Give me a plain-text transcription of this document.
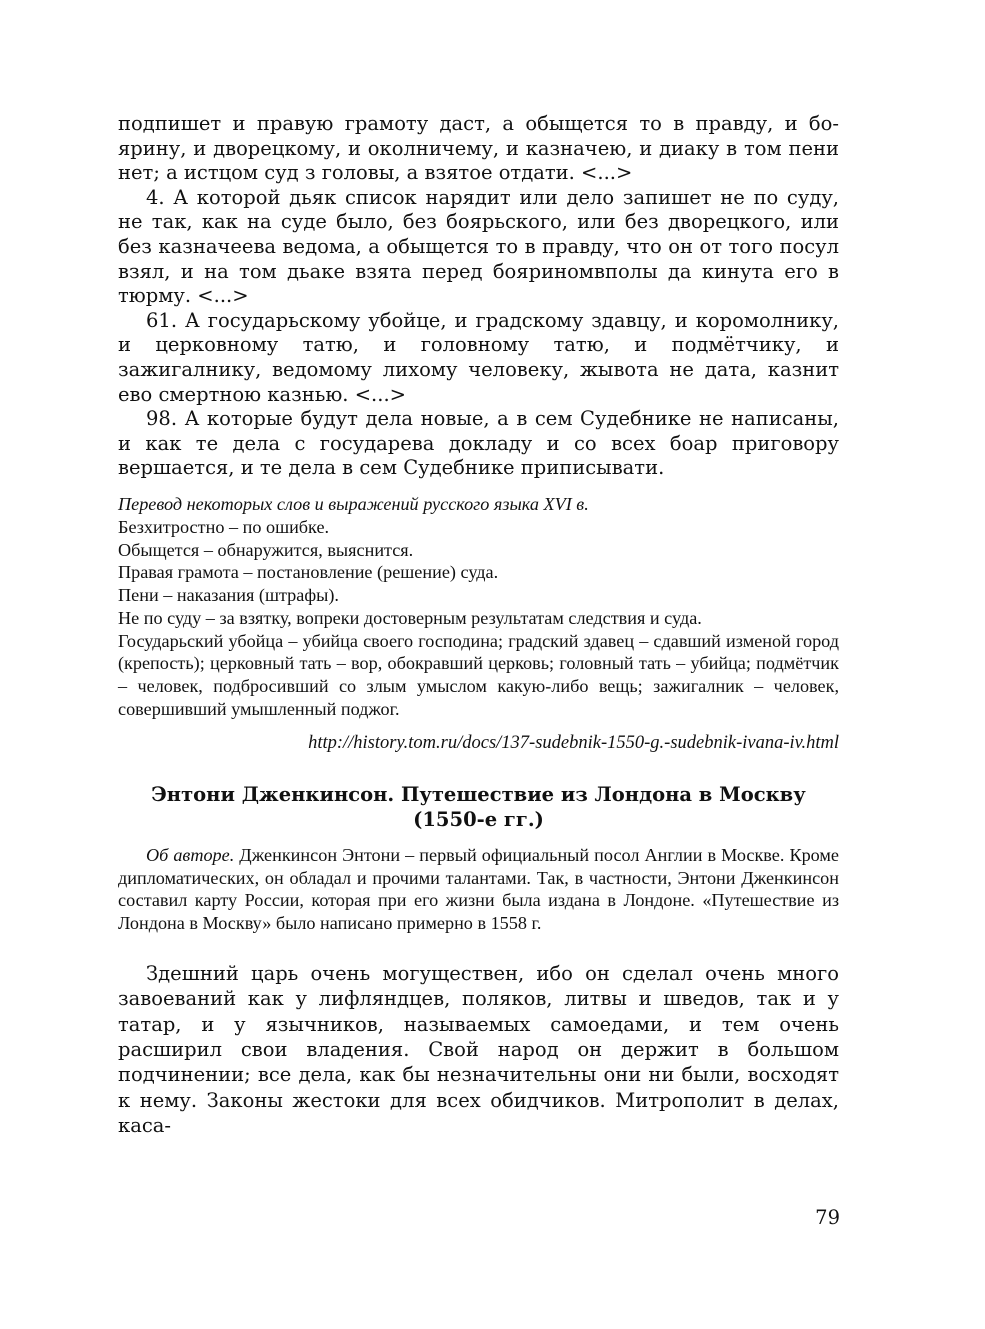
подпишет и правую грамоту даст, а обыщется то в правду, и боярину, и дворецкому, и околничему, и казначею, и диаку в том пени нет; а истцом суд з головы, а взятое отдати. <...>

4. А которой дьяк список нарядит или дело запишет не по суду, не так, как на суде было, без боярьского, или без дворецкого, или без казначеева ведома, а обыщется то в правду, что он от того посул взял, и на том дьаке взята перед бояриномвполы да кинута его в тюрму. <...>

61. А государьскому убойце, и градскому здавцу, и коромолнику, и церковному татю, и головному татю, и подмётчику, и зажигалнику, ведомому лихому человеку, жывота не дата, казнит ево смертною казнью. <...>

98. А которые будут дела новые, а в сем Судебнике не написаны, и как те дела с государева докладу и со всех боар приговору вершается, и те дела в сем Судебнике приписывати.

Перевод некоторых слов и выражений русского языка XVI в.

Безхитростно – по ошибке.

Обыщется – обнаружится, выяснится.

Правая грамота – постановление (решение) суда.

Пени – наказания (штрафы).

Не по суду – за взятку, вопреки достоверным результатам следствия и суда.

Государьский убойца – убийца своего господина; градский здавец – сдавший изменой город (крепость); церковный тать – вор, обокравший церковь; головный тать – убийца; подмётчик – человек, подбросивший со злым умыслом какую-либо вещь; зажигалник – человек, совершивший умышленный поджог.

http://history.tom.ru/docs/137-sudebnik-1550-g.-sudebnik-ivana-iv.html
Энтони Дженкинсон. Путешествие из Лондона в Москву
(1550-е гг.)

Об авторе. Дженкинсон Энтони – первый официальный посол Англии в Москве. Кроме дипломатических, он обладал и прочими талантами. Так, в частности, Энтони Дженкинсон составил карту России, которая при его жизни была издана в Лондоне. «Путешествие из Лондона в Москву» было написано примерно в 1558 г.

Здешний царь очень могуществен, ибо он сделал очень много завоеваний как у лифляндцев, поляков, литвы и шведов, так и у татар, и у язычников, называемых самоедами, и тем очень расширил свои владения. Свой народ он держит в большом подчинении; все дела, как бы незначительны они ни были, восходят к нему. Законы жестоки для всех обидчиков. Митрополит в делах, каса-

79
